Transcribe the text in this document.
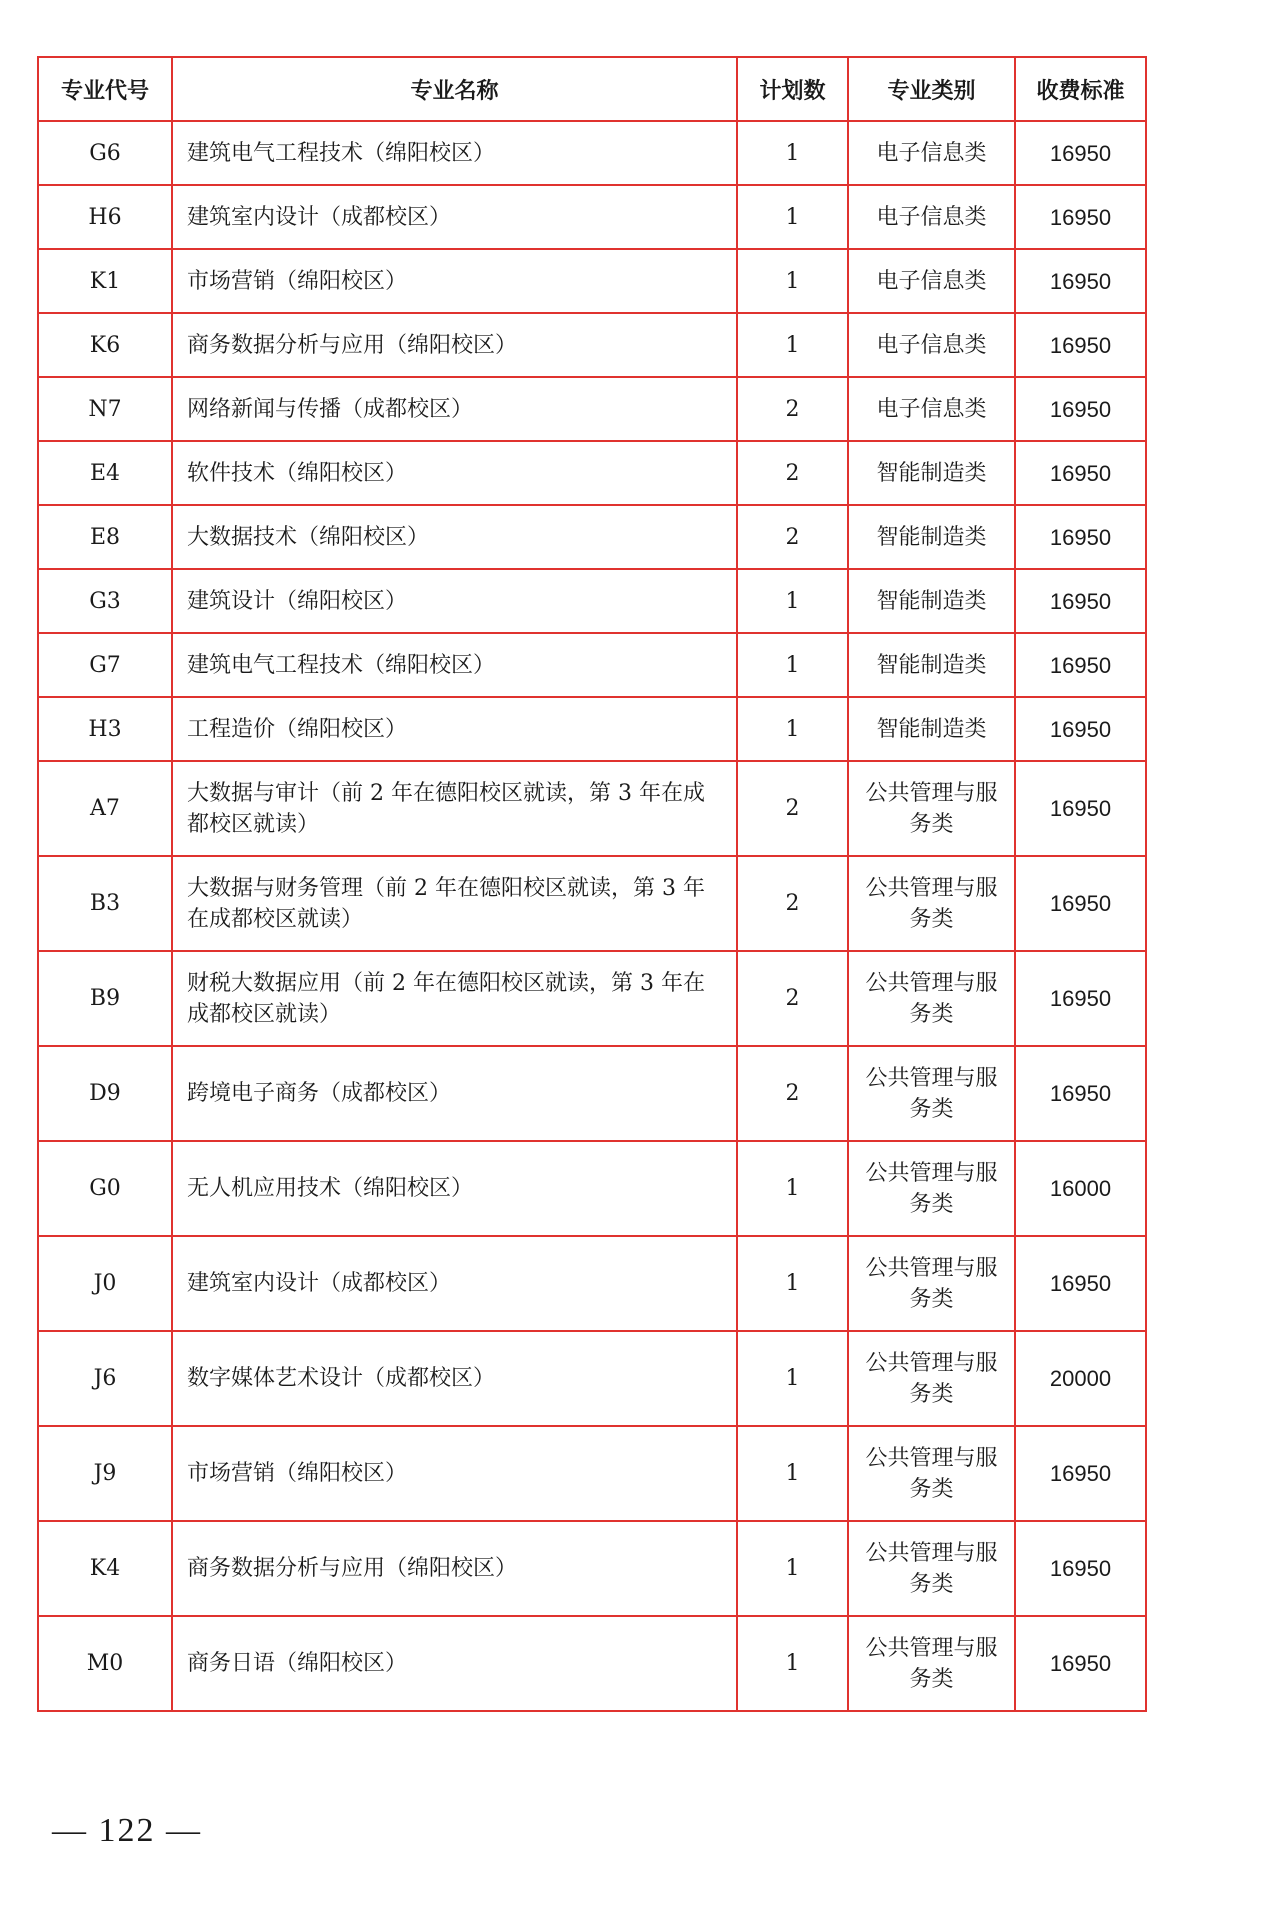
专业代号	专业名称	计划数	专业类别	收费标准
G6	建筑电气工程技术（绵阳校区）	1	电子信息类	16950
H6	建筑室内设计（成都校区）	1	电子信息类	16950
K1	市场营销（绵阳校区）	1	电子信息类	16950
K6	商务数据分析与应用（绵阳校区）	1	电子信息类	16950
N7	网络新闻与传播（成都校区）	2	电子信息类	16950
E4	软件技术（绵阳校区）	2	智能制造类	16950
E8	大数据技术（绵阳校区）	2	智能制造类	16950
G3	建筑设计（绵阳校区）	1	智能制造类	16950
G7	建筑电气工程技术（绵阳校区）	1	智能制造类	16950
H3	工程造价（绵阳校区）	1	智能制造类	16950
A7	大数据与审计（前 2 年在德阳校区就读，第 3 年在成都校区就读）	2	公共管理与服务类	16950
B3	大数据与财务管理（前 2 年在德阳校区就读，第 3 年在成都校区就读）	2	公共管理与服务类	16950
B9	财税大数据应用（前 2 年在德阳校区就读，第 3 年在成都校区就读）	2	公共管理与服务类	16950
D9	跨境电子商务（成都校区）	2	公共管理与服务类	16950
G0	无人机应用技术（绵阳校区）	1	公共管理与服务类	16000
J0	建筑室内设计（成都校区）	1	公共管理与服务类	16950
J6	数字媒体艺术设计（成都校区）	1	公共管理与服务类	20000
J9	市场营销（绵阳校区）	1	公共管理与服务类	16950
K4	商务数据分析与应用（绵阳校区）	1	公共管理与服务类	16950
M0	商务日语（绵阳校区）	1	公共管理与服务类	16950
— 122 —
